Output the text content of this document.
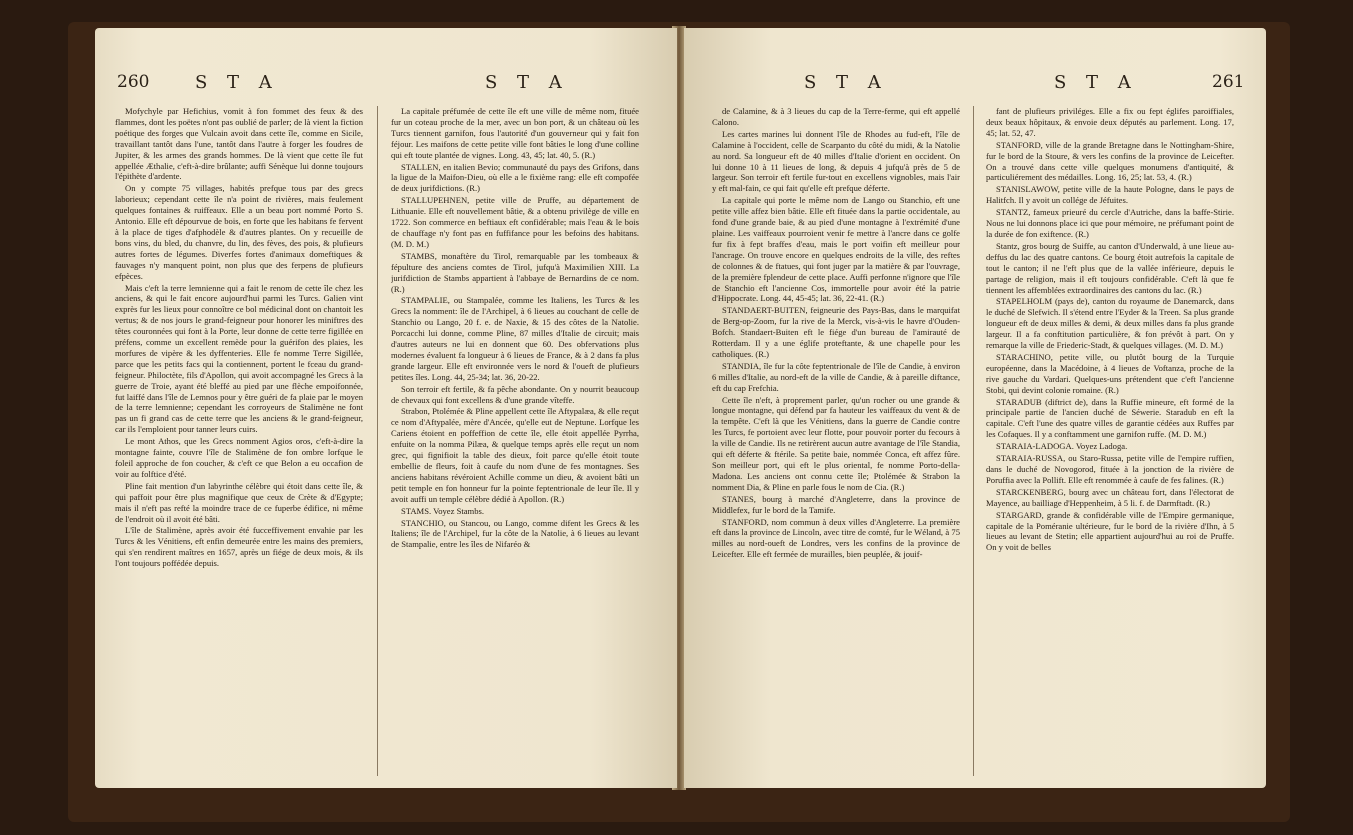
260	S T A	S T A

Mofychyle par Hefichius, vomit à fon fommet des feux & des flammes, dont les poëtes n'ont pas oublié de parler; de là vient la fiction poétique des forges que Vulcain avoit dans cette île, comme en Sicile, travaillant tantôt dans l'une, tantôt dans l'autre à forger les foudres de Jupiter, & les armes des grands hommes. De là vient que cette île fut appellée Æthalie, c'eft-à-dire brûlante; auffi Sénèque lui donne toujours l'épithète d'ardente.

On y compte 75 villages, habités prefque tous par des grecs laborieux; cependant cette île n'a point de rivières, mais feulement quelques fontaines & ruiffeaux. Elle a un beau port nommé Porto S. Antonio. Elle eft dépourvue de bois, en forte que les habitans fe fervent à la place de tiges d'afphodèle & d'autres plantes. On y recueille de bons vins, du bled, du chanvre, du lin, des fèves, des pois, & plufieurs autres fortes de légumes. Diverfes fortes d'animaux domeftiques & fauvages n'y manquent point, non plus que des ferpens de plufieurs efpèces.

Mais c'eft la terre lemnienne qui a fait le renom de cette île chez les anciens, & qui le fait encore aujourd'hui parmi les Turcs. Galien vint exprès fur les lieux pour connoître ce bol médicinal dont on chantoit les vertus; & de nos jours le grand-feigneur pour honorer les miniftres des têtes couronnées qui font à la Porte, leur donne de cette terre figillée en préfens, comme un excellent remède pour la guérifon des plaies, les morfures de vipère & les dyffenteries. Elle fe nomme Terre Sigillée, parce que les petits facs qui la contiennent, portent le fceau du grand-feigneur. Philoctète, fils d'Apollon, qui avoit accompagné les Grecs à la guerre de Troie, ayant été bleffé au pied par une flèche empoifonnée, fut laiffé dans l'île de Lemnos pour y être guéri de fa plaie par le moyen de la terre lemnienne; cependant les corroyeurs de Stalimène ne font pas un fi grand cas de cette terre que les anciens & le grand-feigneur, car ils l'emploient pour tanner leurs cuirs.

Le mont Athos, que les Grecs nomment Agios oros, c'eft-à-dire la montagne fainte, couvre l'île de Stalimène de fon ombre lorfque le foleil approche de fon coucher, & c'eft ce que Belon a eu occafion de voir au folftice d'été.

Pline fait mention d'un labyrinthe célèbre qui étoit dans cette île, & qui paffoit pour être plus magnifique que ceux de Crète & d'Egypte; mais il n'eft pas refté la moindre trace de ce fuperbe édifice, ni même de l'endroit où il avoit été bâti.

L'île de Stalimène, après avoir été fucceffivement envahie par les Turcs & les Vénitiens, eft enfin demeurée entre les mains des premiers, qui s'en rendirent maîtres en 1657, après un fiége de deux mois, & ils l'ont toujours poffédée depuis.

La capitale préfumée de cette île eft une ville de même nom, fituée fur un coteau proche de la mer, avec un bon port, & un château où les Turcs tiennent garnifon, fous l'autorité d'un gouverneur qui y fait fon féjour. Les maifons de cette petite ville font bâties le long d'une colline qui eft toute plantée de vignes. Long. 43, 45; lat. 40, 5. (R.)

STALLEN, en italien Bevio; communauté du pays des Grifons, dans la ligue de la Maifon-Dieu, où elle a le fixième rang: elle eft compofée de deux jurifdictions. (R.)

STALLUPEHNEN, petite ville de Pruffe, au département de Lithuanie. Elle eft nouvellement bâtie, & a obtenu privilège de ville en 1722. Son commerce en beftiaux eft confidérable; mais l'eau & le bois de chauffage n'y font pas en fuffifance pour les befoins des habitans. (M. D. M.)

STAMBS, monaftère du Tirol, remarquable par les tombeaux & fépulture des anciens comtes de Tirol, jufqu'à Maximilien XIII. La jurifdiction de Stambs appartient à l'abbaye de Bernardins de ce nom. (R.)

STAMPALIE, ou Stampalée, comme les Italiens, les Turcs & les Grecs la nomment: île de l'Archipel, à 6 lieues au couchant de celle de Stanchio ou Lango, 20 f. e. de Naxie, & 15 des côtes de la Natolie. Porcacchi lui donne, comme Pline, 87 milles d'Italie de circuit; mais d'autres auteurs ne lui en donnent que 60. Des obfervations plus modernes évaluent fa longueur à 6 lieues de France, & à 2 dans fa plus grande largeur. Elle eft environnée vers le nord & l'oueft de plufieurs petites îles. Long. 44, 25-34; lat. 36, 20-22.

Son terroir eft fertile, & fa pêche abondante. On y nourrit beaucoup de chevaux qui font excellens & d'une grande vîteffe.

Strabon, Ptolémée & Pline appellent cette île Aftypalæa, & elle reçut ce nom d'Aftypalée, mère d'Ancée, qu'elle eut de Neptune. Lorfque les Cariens étoient en poffeffion de cette île, elle étoit appellée Pyrrha, enfuite on la nomma Pilæa, & quelque temps après elle reçut un nom grec, qui fignifioit la table des dieux, foit parce qu'elle étoit toute embellie de fleurs, foit à caufe du nom d'une de fes montagnes. Ses anciens habitans révéroient Achille comme un dieu, & avoient bâti un petit temple en fon honneur fur la pointe feptentrionale de leur île. Il y avoit auffi un temple célèbre dédié à Apollon. (R.)

STAMS. Voyez Stambs.

STANCHIO, ou Stancou, ou Lango, comme difent les Grecs & les Italiens; île de l'Archipel, fur la côte de la Natolie, à 6 lieues au levant de Stampalie, entre les îles de Nifaréo &

S T A	S T A	261

de Calamine, & à 3 lieues du cap de la Terre-ferme, qui eft appellé Calono.

Les cartes marines lui donnent l'île de Rhodes au fud-eft, l'île de Calamine à l'occident, celle de Scarpanto du côté du midi, & la Natolie au nord. Sa longueur eft de 40 milles d'Italie d'orient en occident. On lui donne 10 à 11 lieues de long, & depuis 4 jufqu'à près de 5 de largeur. Son terroir eft fertile fur-tout en excellens vignobles, mais l'air y eft mal-fain, ce qui fait qu'elle eft prefque déferte.

La capitale qui porte le même nom de Lango ou Stanchio, eft une petite ville affez bien bâtie. Elle eft fituée dans la partie occidentale, au fond d'une grande baie, & au pied d'une montagne à l'extrémité d'une plaine. Les vaiffeaux pourroient venir fe mettre à l'ancre dans ce golfe fur fix à fept braffes d'eau, mais le port voifin eft meilleur pour l'ancrage. On trouve encore en quelques endroits de la ville, des reftes de colonnes & de ftatues, qui font juger par la matière & par l'ouvrage, de la première fplendeur de cette place. Auffi perfonne n'ignore que l'île de Stanchio eft l'ancienne Cos, immortelle pour avoir été la patrie d'Hippocrate. Long. 44, 45-45; lat. 36, 22-41. (R.)

STANDAERT-BUITEN, feigneurie des Pays-Bas, dans le marquifat de Berg-op-Zoom, fur la rive de la Merck, vis-à-vis le havre d'Ouden-Bofch. Standaert-Buiten eft le fiége d'un bureau de l'amirauté de Rotterdam. Il y a une églife proteftante, & une chapelle pour les catholiques. (R.)

STANDIA, île fur la côte feptentrionale de l'île de Candie, à environ 6 milles d'Italie, au nord-eft de la ville de Candie, & à pareille diftance, eft du cap Frefchia.

Cette île n'eft, à proprement parler, qu'un rocher ou une grande & longue montagne, qui défend par fa hauteur les vaiffeaux du vent & de la tempête. C'eft là que les Vénitiens, dans la guerre de Candie contre les Turcs, fe portoient avec leur flotte, pour pouvoir porter du fecours à la ville de Candie. Ils ne retirèrent aucun autre avantage de l'île Standia, qui eft déferte & ftérile. Sa petite baie, nommée Conca, eft affez fûre. Son meilleur port, qui eft le plus oriental, fe nomme Porto-della-Madona. Les anciens ont connu cette île; Ptolémée & Strabon la nomment Dia, & Pline en parle fous le nom de Cia. (R.)

STANES, bourg à marché d'Angleterre, dans la province de Middlefex, fur le bord de la Tamife.

STANFORD, nom commun à deux villes d'Angleterre. La première eft dans la province de Lincoln, avec titre de comté, fur le Wéland, à 75 milles au nord-oueft de Londres, vers les confins de la province de Leicefter. Elle eft fermée de murailles, bien peuplée, & jouif-

fant de plufieurs priviléges. Elle a fix ou fept églifes paroiffiales, deux beaux hôpitaux, & envoie deux députés au parlement. Long. 17, 45; lat. 52, 47.

STANFORD, ville de la grande Bretagne dans le Nottingham-Shire, fur le bord de la Stoure, & vers les confins de la province de Leicefter. On a trouvé dans cette ville quelques monumens d'antiquité, & particuliérement des médailles. Long. 16, 25; lat. 53, 4. (R.)

STANISLAWOW, petite ville de la haute Pologne, dans le pays de Halitfch. Il y avoit un collége de Jéfuites.

STANTZ, fameux prieuré du cercle d'Autriche, dans la baffe-Stirie. Nous ne lui donnons place ici que pour mémoire, ne préfumant point de la durée de fon exiftence. (R.)

Stantz, gros bourg de Suiffe, au canton d'Underwald, à une lieue au-deffus du lac des quatre cantons. Ce bourg étoit autrefois la capitale de tout le canton; il ne l'eft plus que de la vallée inférieure, depuis le partage de religion, mais il eft toujours confidérable. C'eft là que fe tiennent les affemblées extraordinaires des cantons du lac. (R.)

STAPELHOLM (pays de), canton du royaume de Danemarck, dans le duché de Slefwich. Il s'étend entre l'Eyder & la Treen. Sa plus grande longueur eft de deux milles & demi, & deux milles dans fa plus grande largeur. Il a fa conftitution particulière, & fon prévôt à part. On y remarque la ville de Friederic-Stadt, & quelques villages. (M. D. M.)

STARACHINO, petite ville, ou plutôt bourg de la Turquie européenne, dans la Macédoine, à 4 lieues de Voftanza, proche de la rive gauche du Vardari. Quelques-uns prétendent que c'eft l'ancienne Stobi, qui devint colonie romaine. (R.)

STARADUB (diftrict de), dans la Ruffie mineure, eft formé de la principale partie de l'ancien duché de Séwerie. Staradub en eft la capitale. C'eft l'une des quatre villes de garantie cédées aux Ruffes par les Cofaques. Il y a conftamment une garnifon ruffe. (M. D. M.)

STARAIA-LADOGA. Voyez Ladoga.

STARAIA-RUSSA, ou Staro-Russa, petite ville de l'empire ruffien, dans le duché de Novogorod, fituée à la jonction de la rivière de Poruffia avec la Pollift. Elle eft renommée à caufe de fes falines. (R.)

STARCKENBERG, bourg avec un château fort, dans l'électorat de Mayence, au bailliage d'Heppenheim, à 5 li. f. de Darmftadt. (R.)

STARGARD, grande & confidérable ville de l'Empire germanique, capitale de la Poméranie ultérieure, fur le bord de la rivière d'Ihn, à 5 lieues au levant de Stetin; elle appartient aujourd'hui au roi de Pruffe. On y voit de belles
